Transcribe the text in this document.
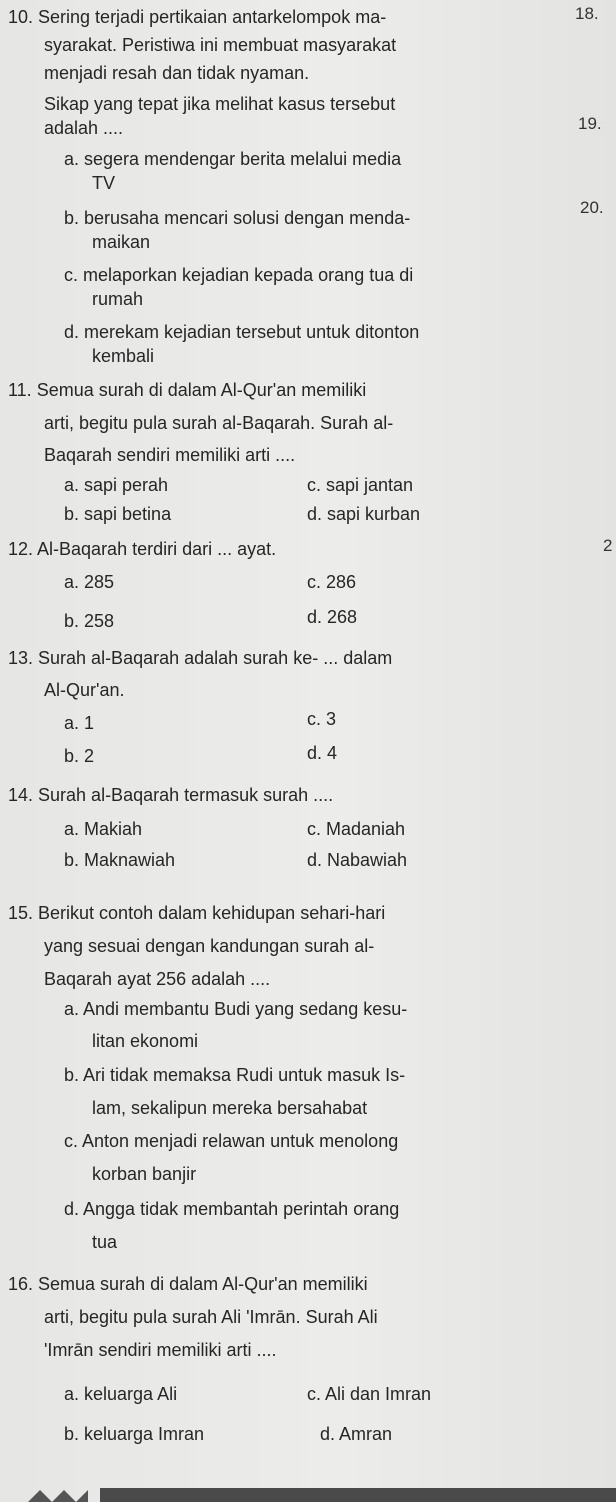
18.
19.
20.
2
10. Sering terjadi pertikaian antarkelompok ma-
syarakat. Peristiwa ini membuat masyarakat
menjadi resah dan tidak nyaman.
Sikap yang tepat jika melihat kasus tersebut
adalah ....
a. segera mendengar berita melalui media
TV
b. berusaha mencari solusi dengan menda-
maikan
c. melaporkan kejadian kepada orang tua di
rumah
d. merekam kejadian tersebut untuk ditonton
kembali
11. Semua surah di dalam Al-Qur'an memiliki
arti, begitu pula surah al-Baqarah. Surah al-
Baqarah sendiri memiliki arti ....
a. sapi perah	c. sapi jantan
b. sapi betina	d. sapi kurban
12. Al-Baqarah terdiri dari ... ayat.
a. 285	c. 286
b. 258	d. 268
13. Surah al-Baqarah adalah surah ke- ... dalam
Al-Qur'an.
a. 1	c. 3
b. 2	d. 4
14. Surah al-Baqarah termasuk surah ....
a. Makiah	c. Madaniah
b. Maknawiah	d. Nabawiah
15. Berikut contoh dalam kehidupan sehari-hari
yang sesuai dengan kandungan surah al-
Baqarah ayat 256 adalah ....
a. Andi membantu Budi yang sedang kesu-
litan ekonomi
b. Ari tidak memaksa Rudi untuk masuk Is-
lam, sekalipun mereka bersahabat
c. Anton menjadi relawan untuk menolong
korban banjir
d. Angga tidak membantah perintah orang
tua
16. Semua surah di dalam Al-Qur'an memiliki
arti, begitu pula surah Ali 'Imrān. Surah Ali
'Imrān sendiri memiliki arti ....
a. keluarga Ali	c. Ali dan Imran
b. keluarga Imran	d. Amran
